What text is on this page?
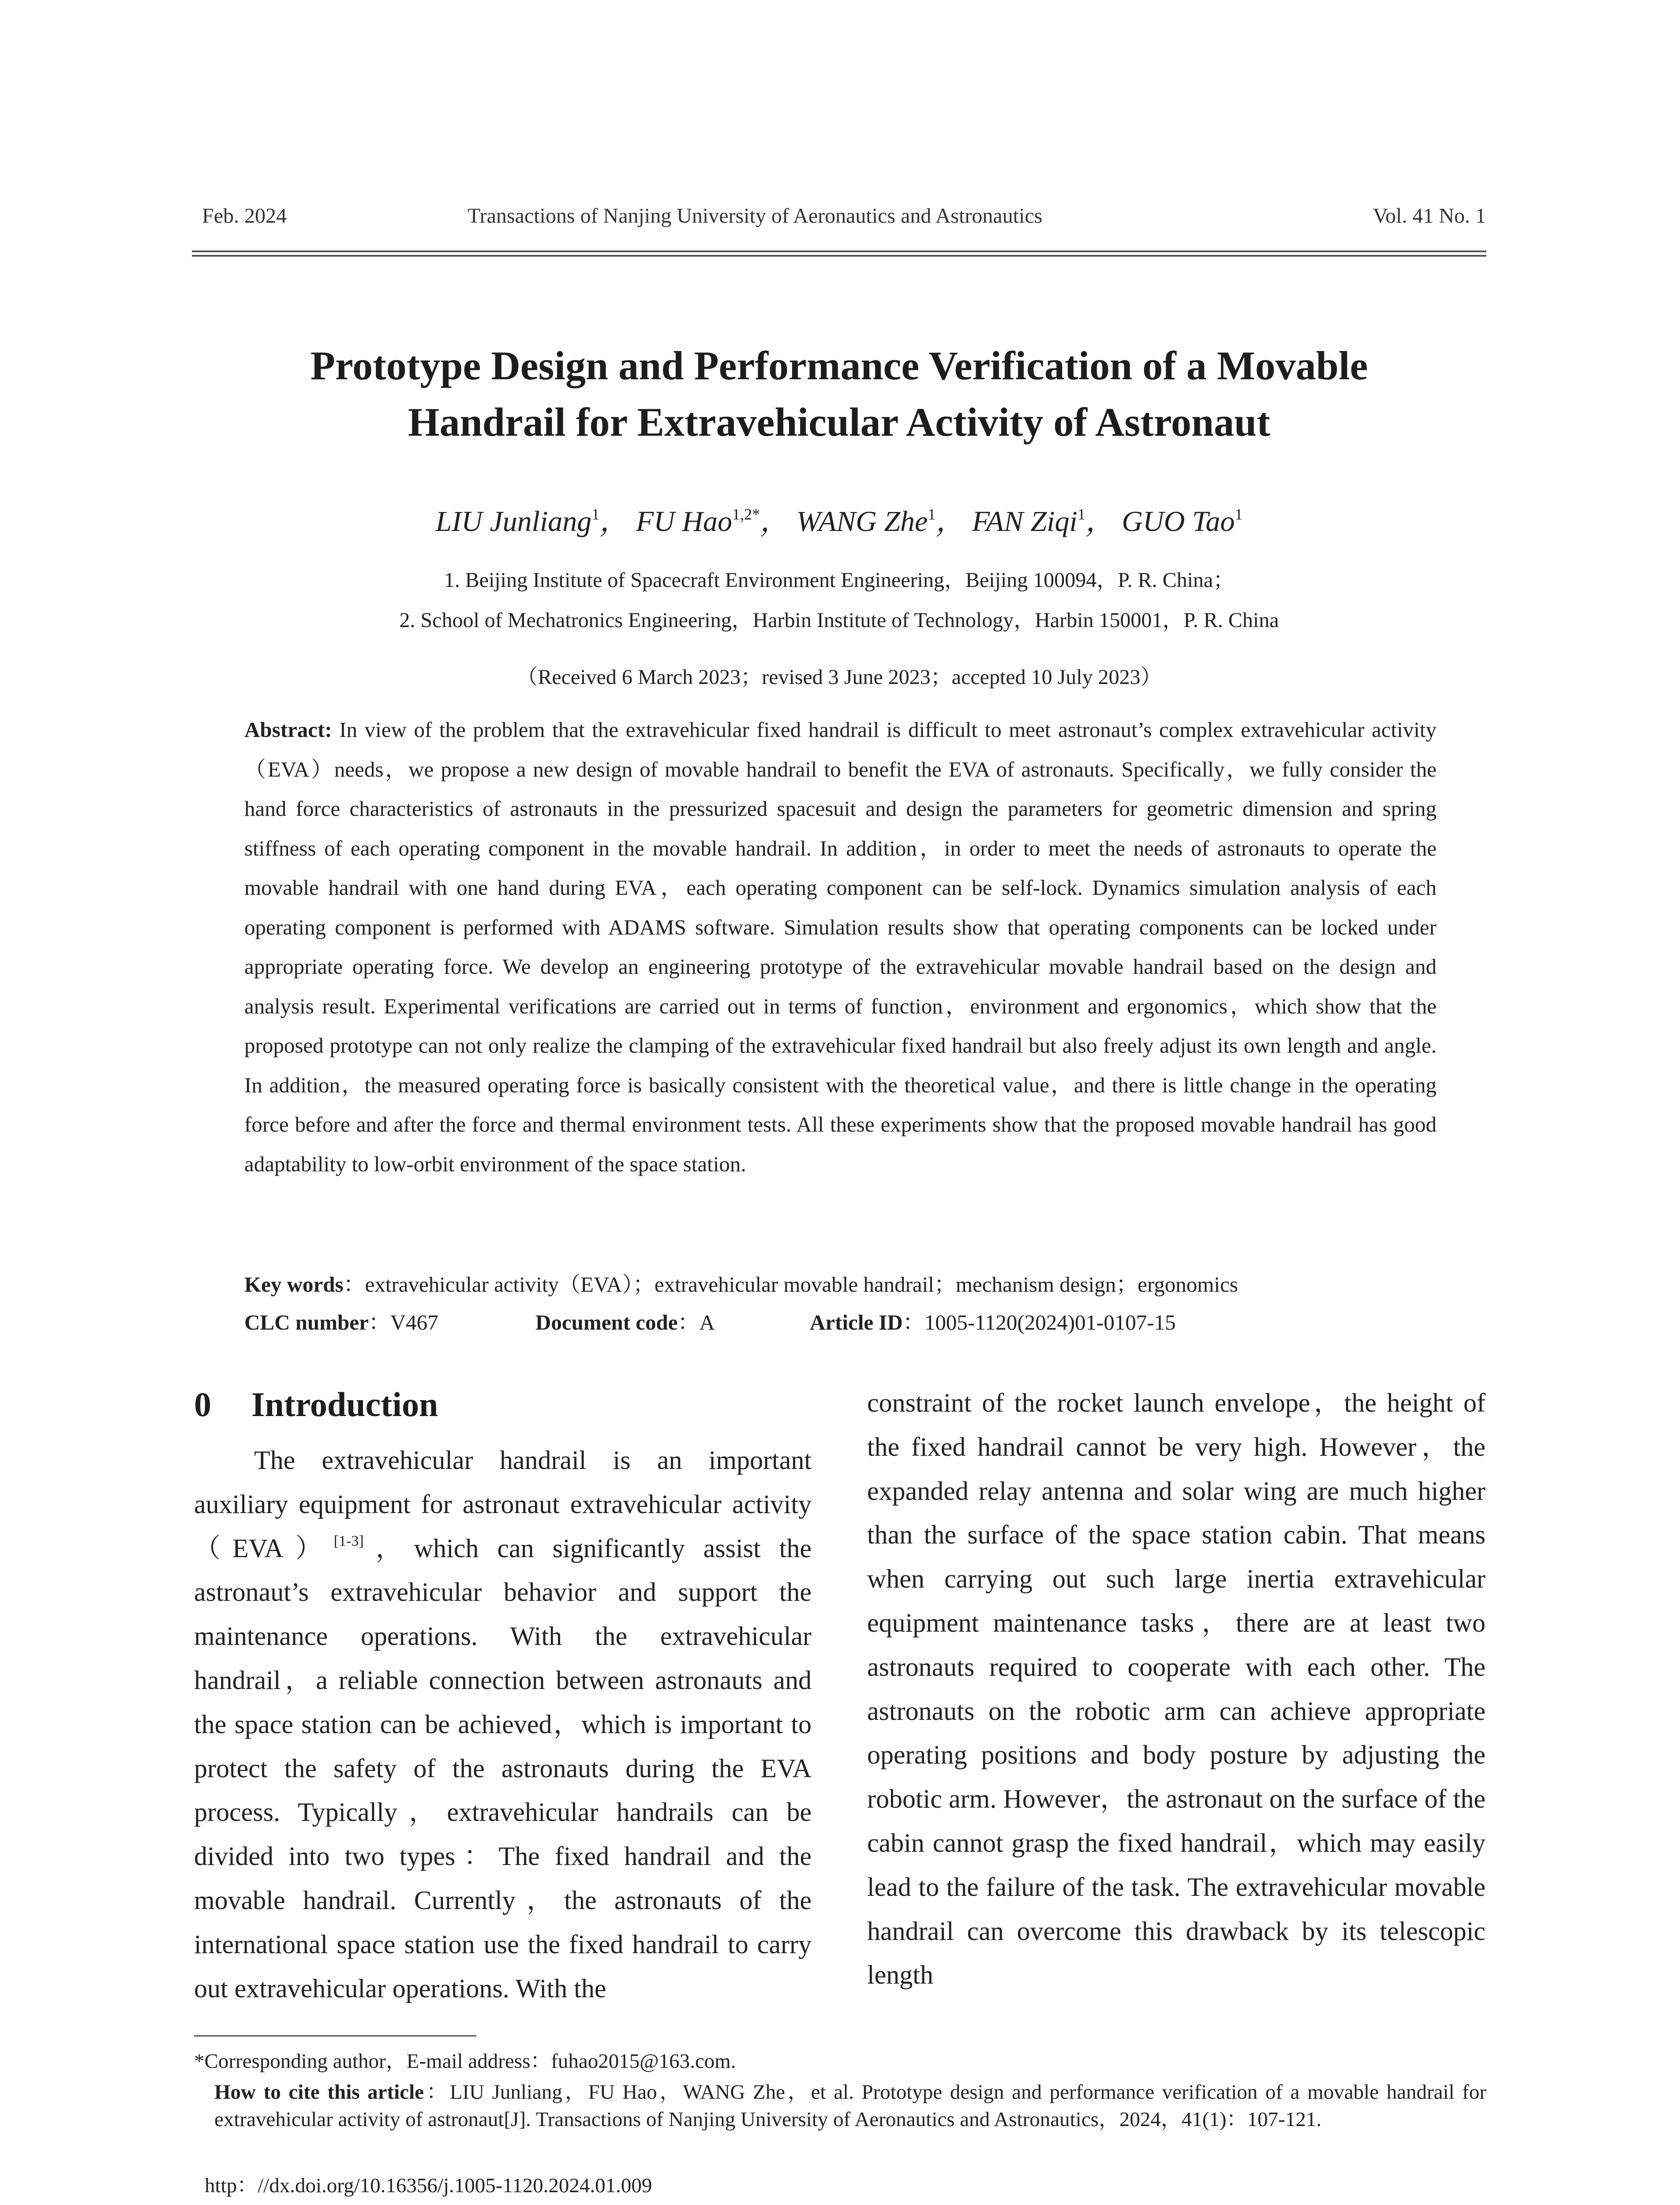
Feb. 2024	Transactions of Nanjing University of Aeronautics and Astronautics	Vol. 41 No. 1
Prototype Design and Performance Verification of a Movable
Handrail for Extravehicular Activity of Astronaut
LIU Junliang$^1$， FU Hao$^{1,2*}$， WANG Zhe$^1$， FAN Ziqi$^1$， GUO Tao$^1$
1. Beijing Institute of Spacecraft Environment Engineering，Beijing 100094，P. R. China；
2. School of Mechatronics Engineering，Harbin Institute of Technology，Harbin 150001，P. R. China
（Received 6 March 2023；revised 3 June 2023；accepted 10 July 2023）
Abstract: In view of the problem that the extravehicular fixed handrail is difficult to meet astronaut’s complex extravehicular activity（EVA）needs，we propose a new design of movable handrail to benefit the EVA of astronauts. Specifically，we fully consider the hand force characteristics of astronauts in the pressurized spacesuit and design the parameters for geometric dimension and spring stiffness of each operating component in the movable handrail. In addition，in order to meet the needs of astronauts to operate the movable handrail with one hand during EVA，each operating component can be self-lock. Dynamics simulation analysis of each operating component is performed with ADAMS software. Simulation results show that operating components can be locked under appropriate operating force. We develop an engineering prototype of the extravehicular movable handrail based on the design and analysis result. Experimental verifications are carried out in terms of function，environment and ergonomics，which show that the proposed prototype can not only realize the clamping of the extravehicular fixed handrail but also freely adjust its own length and angle. In addition，the measured operating force is basically consistent with the theoretical value，and there is little change in the operating force before and after the force and thermal environment tests. All these experiments show that the proposed movable handrail has good adaptability to low-orbit environment of the space station.
Key words：extravehicular activity（EVA）；extravehicular movable handrail；mechanism design；ergonomics
CLC number：V467	Document code：A	Article ID：1005-1120(2024)01-0107-15
0 Introduction

The extravehicular handrail is an important auxiliary equipment for astronaut extravehicular activity（EVA）[1-3]，which can significantly assist the astronaut’s extravehicular behavior and support the maintenance operations. With the extravehicular handrail，a reliable connection between astronauts and the space station can be achieved，which is important to protect the safety of the astronauts during the EVA process. Typically，extravehicular handrails can be divided into two types：The fixed handrail and the movable handrail. Currently，the astronauts of the international space station use the fixed handrail to carry out extravehicular operations. With the

constraint of the rocket launch envelope，the height of the fixed handrail cannot be very high. However，the expanded relay antenna and solar wing are much higher than the surface of the space station cabin. That means when carrying out such large inertia extravehicular equipment maintenance tasks，there are at least two astronauts required to cooperate with each other. The astronauts on the robotic arm can achieve appropriate operating positions and body posture by adjusting the robotic arm. However，the astronaut on the surface of the cabin cannot grasp the fixed handrail，which may easily lead to the failure of the task. The extravehicular movable handrail can overcome this drawback by its telescopic length

*Corresponding author，E-mail address：fuhao2015@163.com.
How to cite this article：LIU Junliang，FU Hao，WANG Zhe，et al. Prototype design and performance verification of a movable handrail for extravehicular activity of astronaut[J]. Transactions of Nanjing University of Aeronautics and Astronautics，2024，41(1)：107-121.
http：//dx.doi.org/10.16356/j.1005-1120.2024.01.009
